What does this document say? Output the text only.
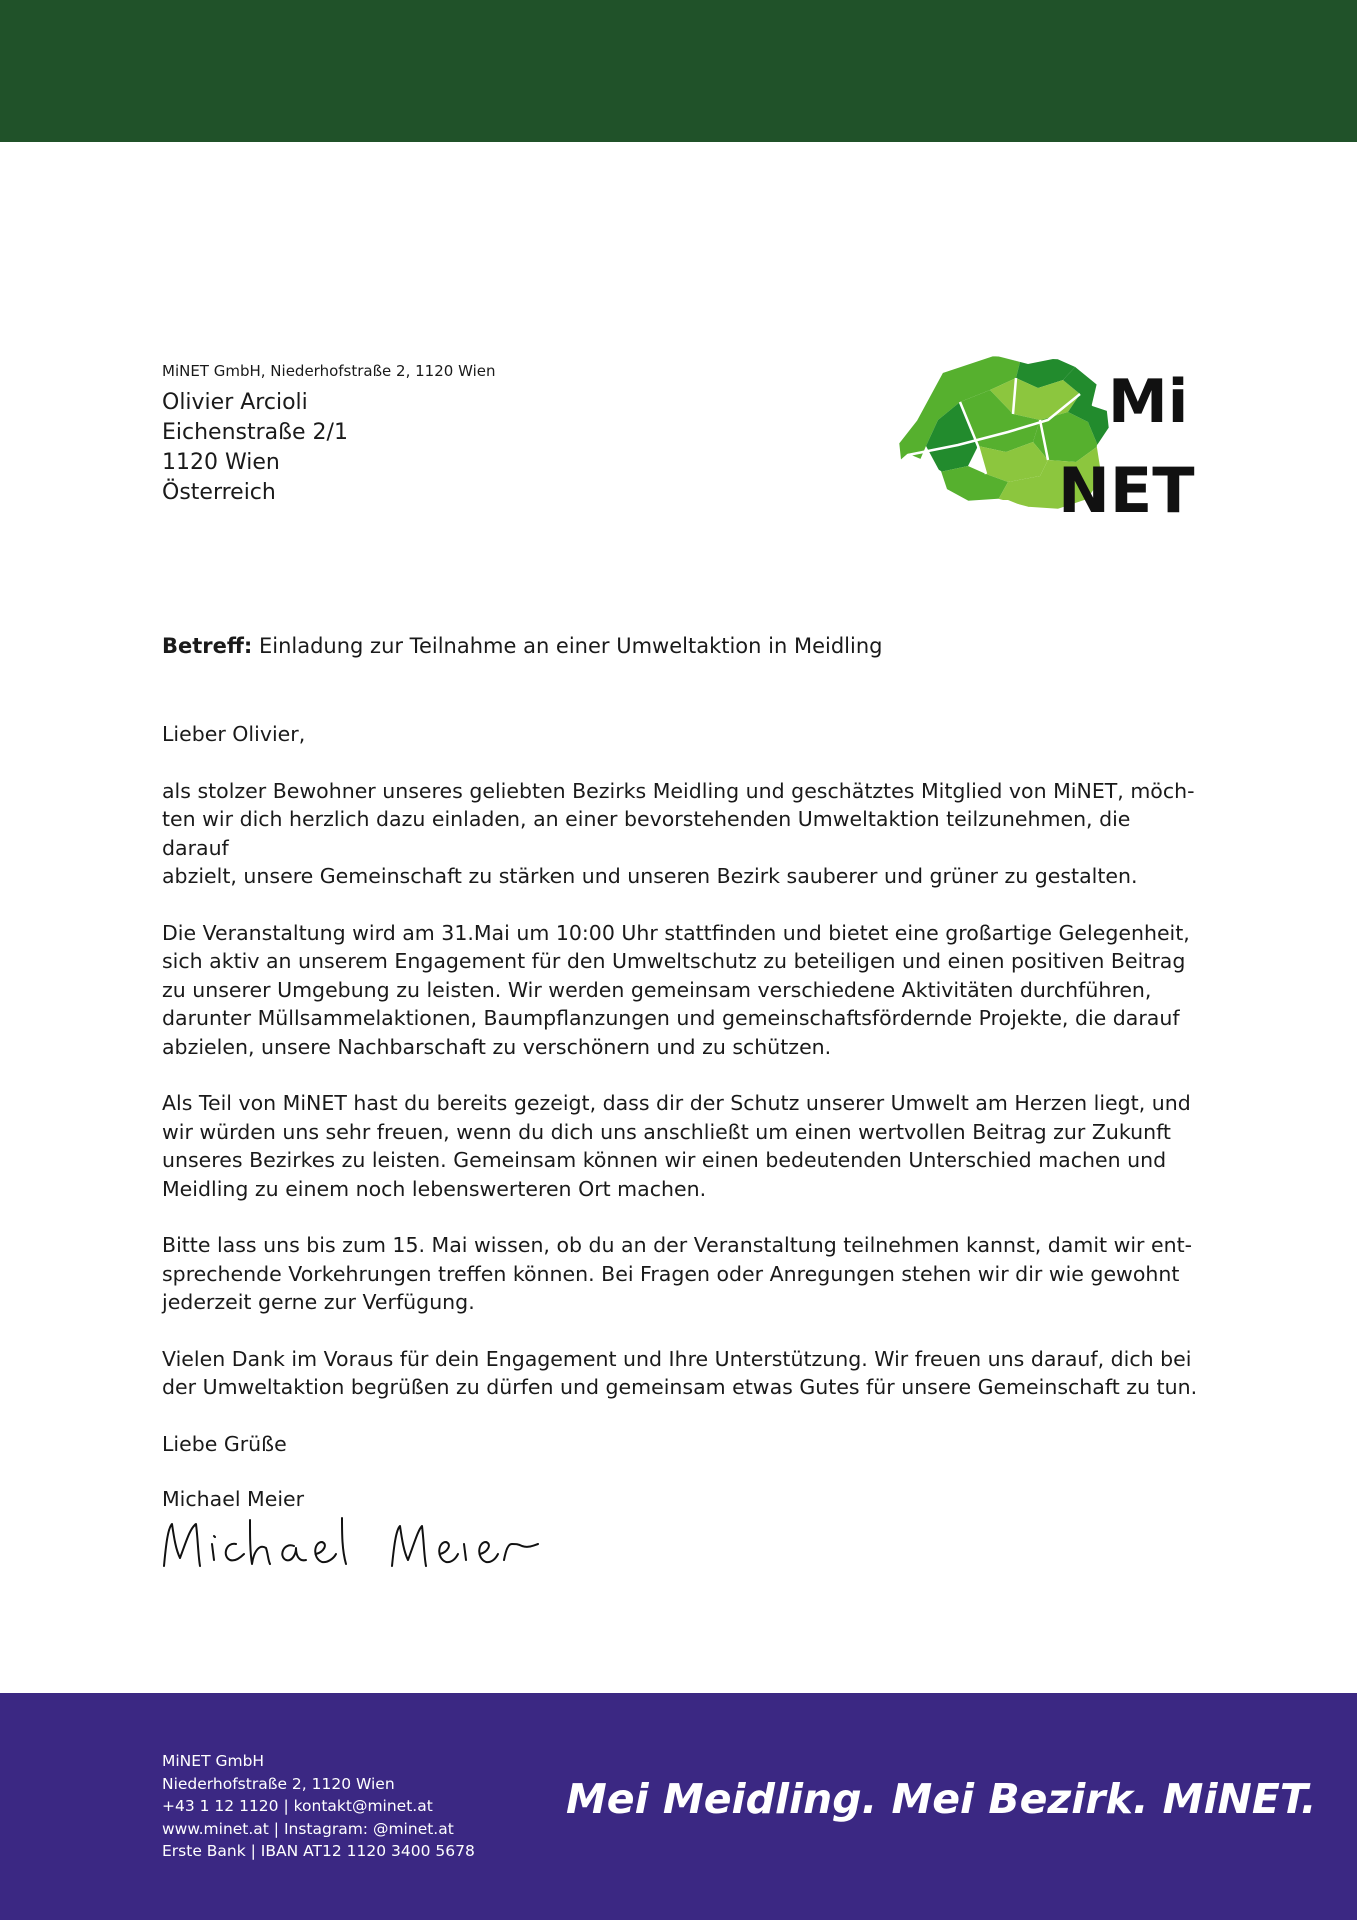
MiNET GmbH, Niederhofstraße 2, 1120 Wien
Olivier Arcioli
Eichenstraße 2/1
1120 Wien
Österreich
Mi
NET
Betreff: Einladung zur Teilnahme an einer Umweltaktion in Meidling

Lieber Olivier,

als stolzer Bewohner unseres geliebten Bezirks Meidling und geschätztes Mitglied von MiNET, möch-
ten wir dich herzlich dazu einladen, an einer bevorstehenden Umweltaktion teilzunehmen, die darauf
abzielt, unsere Gemeinschaft zu stärken und unseren Bezirk sauberer und grüner zu gestalten.

Die Veranstaltung wird am 31.Mai um 10:00 Uhr stattfinden und bietet eine großartige Gelegenheit,
sich aktiv an unserem Engagement für den Umweltschutz zu beteiligen und einen positiven Beitrag
zu unserer Umgebung zu leisten. Wir werden gemeinsam verschiedene Aktivitäten durchführen,
darunter Müllsammelaktionen, Baumpflanzungen und gemeinschaftsfördernde Projekte, die darauf
abzielen, unsere Nachbarschaft zu verschönern und zu schützen.

Als Teil von MiNET hast du bereits gezeigt, dass dir der Schutz unserer Umwelt am Herzen liegt, und
wir würden uns sehr freuen, wenn du dich uns anschließt um einen wertvollen Beitrag zur Zukunft
unseres Bezirkes zu leisten. Gemeinsam können wir einen bedeutenden Unterschied machen und
Meidling zu einem noch lebenswerteren Ort machen.

Bitte lass uns bis zum 15. Mai wissen, ob du an der Veranstaltung teilnehmen kannst, damit wir ent-
sprechende Vorkehrungen treffen können. Bei Fragen oder Anregungen stehen wir dir wie gewohnt
jederzeit gerne zur Verfügung.

Vielen Dank im Voraus für dein Engagement und Ihre Unterstützung. Wir freuen uns darauf, dich bei
der Umweltaktion begrüßen zu dürfen und gemeinsam etwas Gutes für unsere Gemeinschaft zu tun.

Liebe Grüße

Michael Meier

MiNET GmbH
Niederhofstraße 2, 1120 Wien
+43 1 12 1120 | kontakt@minet.at
www.minet.at | Instagram: @minet.at
Erste Bank | IBAN AT12 1120 3400 5678
Mei Meidling. Mei Bezirk. MiNET.
